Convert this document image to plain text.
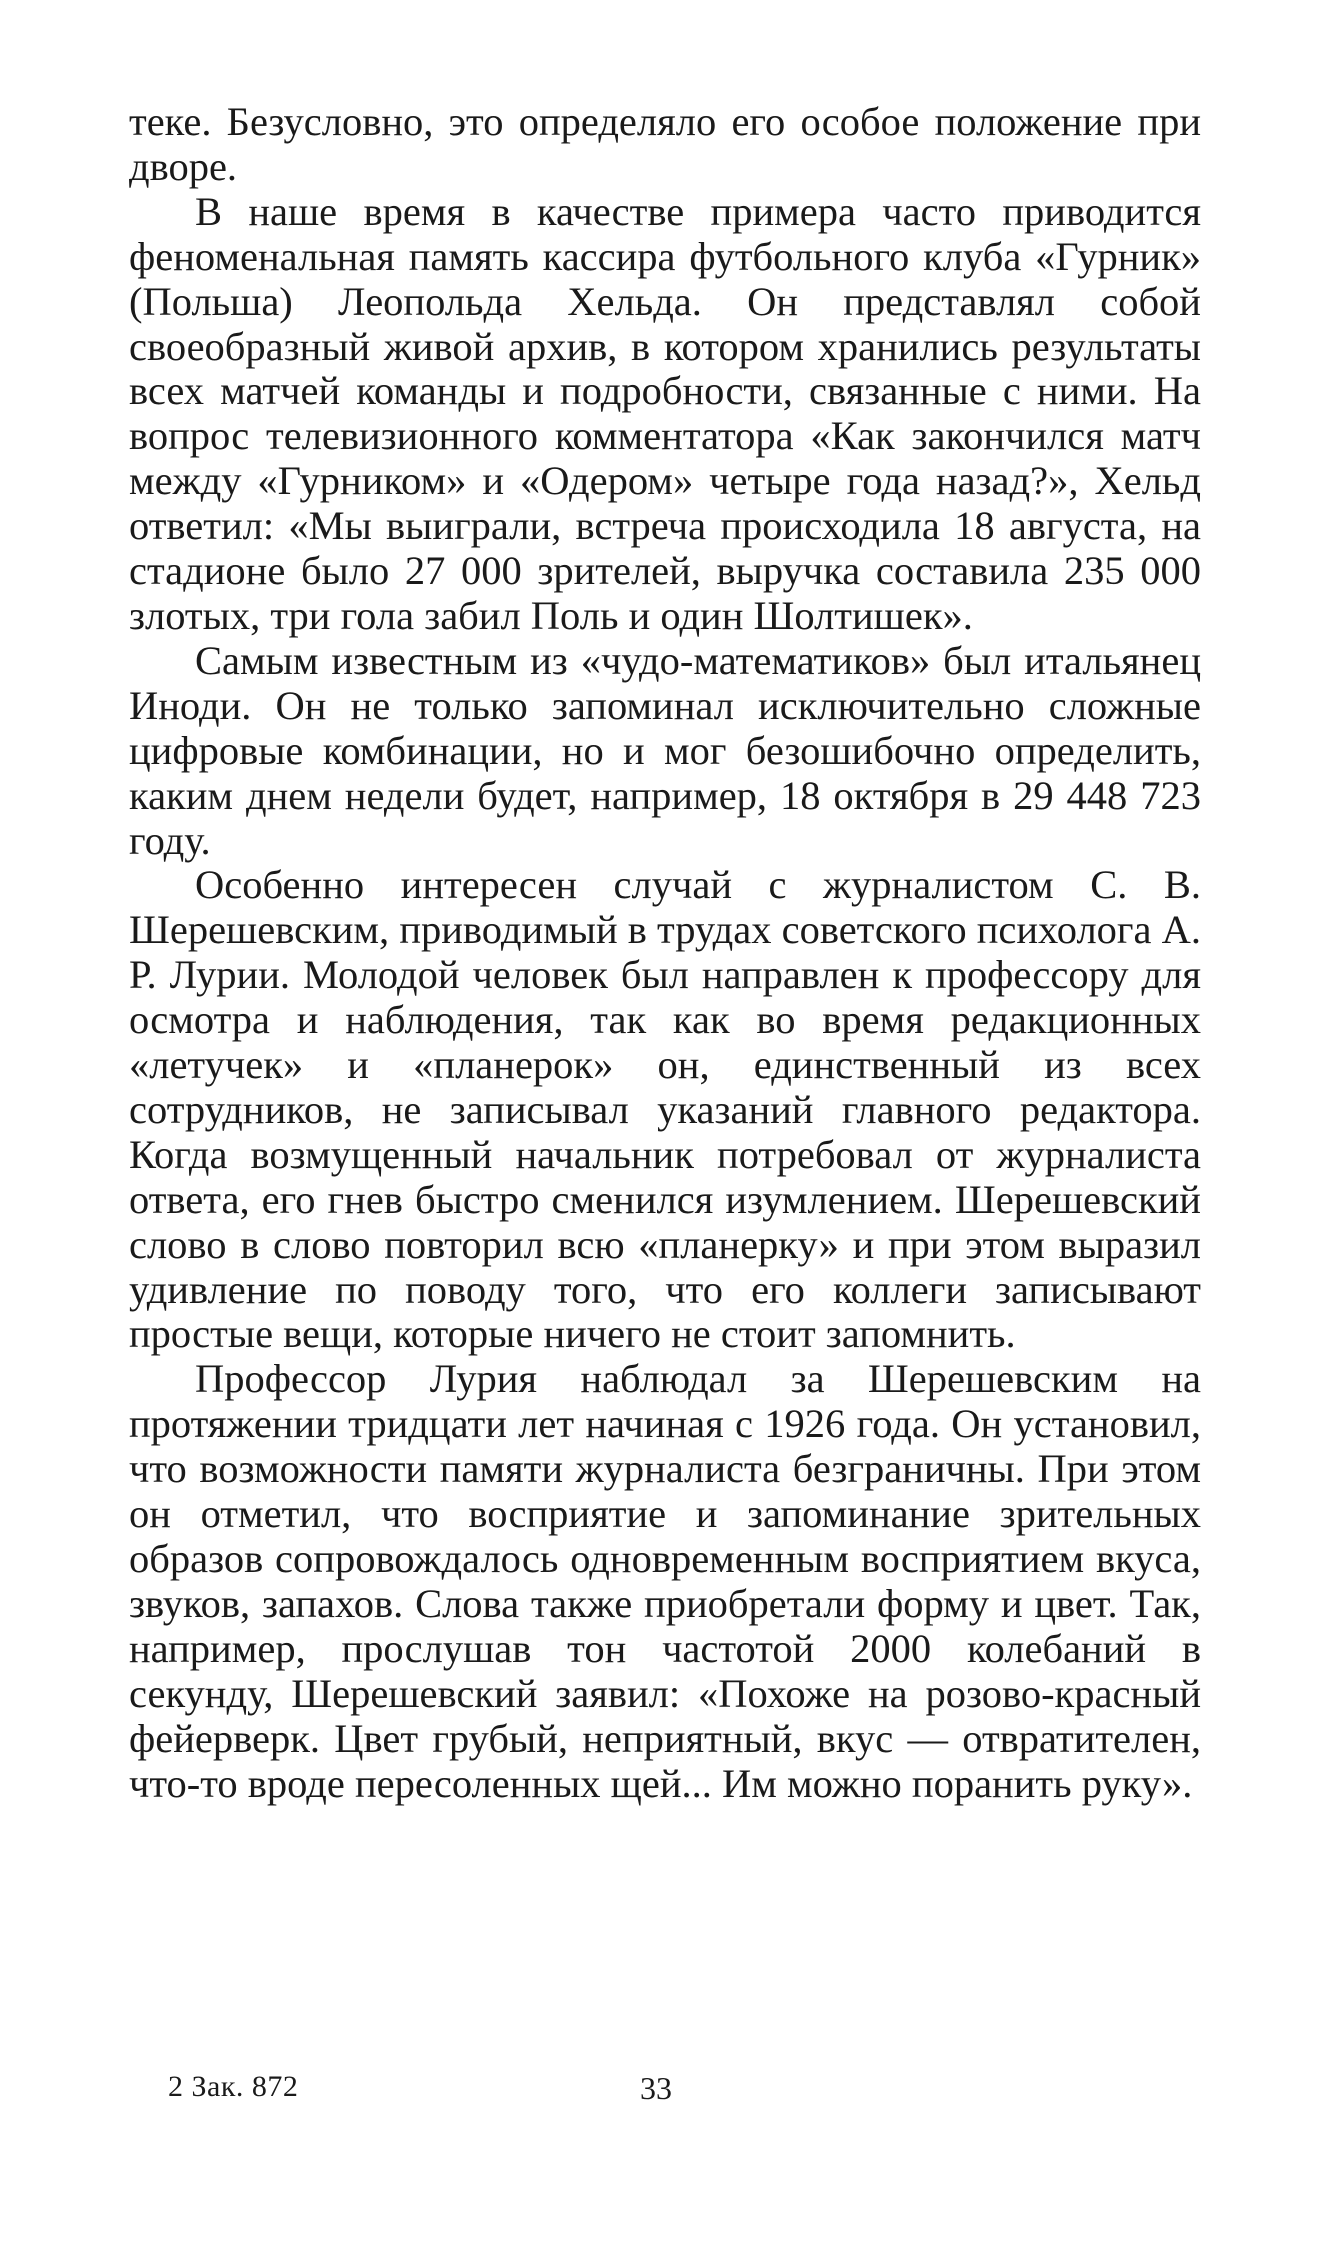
теке. Безусловно, это определяло его особое положение при дворе.

В наше время в качестве примера часто приводится феноменальная память кассира футбольного клуба «Гурник» (Польша) Леопольда Хельда. Он представлял собой своеобразный живой архив, в котором хранились результаты всех матчей команды и подробности, связанные с ними. На вопрос телевизионного комментатора «Как закончился матч между «Гурником» и «Одером» четыре года назад?», Хельд ответил: «Мы выиграли, встреча происходила 18 августа, на стадионе было 27 000 зрителей, выручка составила 235 000 злотых, три гола забил Поль и один Шолтишек».

Самым известным из «чудо-математиков» был итальянец Иноди. Он не только запоминал исключительно сложные цифровые комбинации, но и мог безошибочно определить, каким днем недели будет, например, 18 октября в 29 448 723 году.

Особенно интересен случай с журналистом С. В. Шерешевским, приводимый в трудах советского психолога А. Р. Лурии. Молодой человек был направлен к профессору для осмотра и наблюдения, так как во время редакционных «летучек» и «планерок» он, единственный из всех сотрудников, не записывал указаний главного редактора. Когда возмущенный начальник потребовал от журналиста ответа, его гнев быстро сменился изумлением. Шерешевский слово в слово повторил всю «планерку» и при этом выразил удивление по поводу того, что его коллеги записывают простые вещи, которые ничего не стоит запомнить.

Профессор Лурия наблюдал за Шерешевским на протяжении тридцати лет начиная с 1926 года. Он установил, что возможности памяти журналиста безграничны. При этом он отметил, что восприятие и запоминание зрительных образов сопровождалось одновременным восприятием вкуса, звуков, запахов. Слова также приобретали форму и цвет. Так, например, прослушав тон частотой 2000 колебаний в секунду, Шерешевский заявил: «Похоже на розово-красный фейерверк. Цвет грубый, неприятный, вкус — отвратителен, что-то вроде пересоленных щей... Им можно поранить руку».

2 Зак. 872	33
